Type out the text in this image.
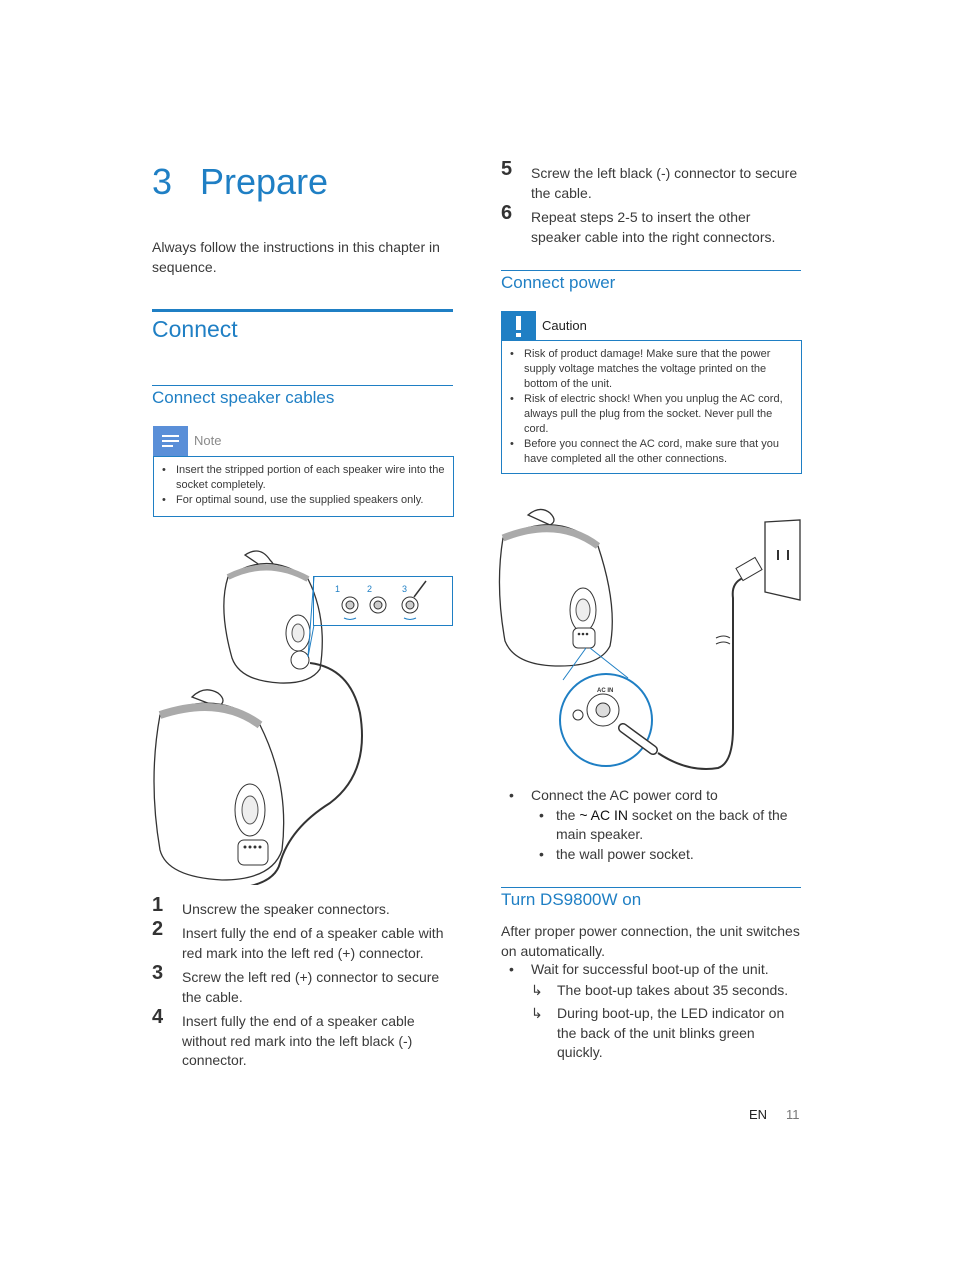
3 Prepare
Always follow the instructions in this chapter in sequence.
Connect
Connect speaker cables
Note
• Insert the stripped portion of each speaker wire into the socket completely.
• For optimal sound, use the supplied speakers only.
1	2	3
1 Unscrew the speaker connectors.
2 Insert fully the end of a speaker cable with red mark into the left red (+) connector.
3 Screw the left red (+) connector to secure the cable.
4 Insert fully the end of a speaker cable without red mark into the left black (-) connector.
5 Screw the left black (-) connector to secure the cable.
6 Repeat steps 2-5 to insert the other speaker cable into the right connectors.
Connect power
Caution
• Risk of product damage! Make sure that the power supply voltage matches the voltage printed on the bottom of the unit.
• Risk of electric shock! When you unplug the AC cord, always pull the plug from the socket. Never pull the cord.
• Before you connect the AC cord, make sure that you have completed all the other connections.
AC IN
• Connect the AC power cord to
• the ~ AC IN socket on the back of the main speaker.
• the wall power socket.
Turn DS9800W on
After proper power connection, the unit switches on automatically.
• Wait for successful boot-up of the unit.
↳ The boot-up takes about 35 seconds.
↳ During boot-up, the LED indicator on the back of the unit blinks green quickly.
EN 11
